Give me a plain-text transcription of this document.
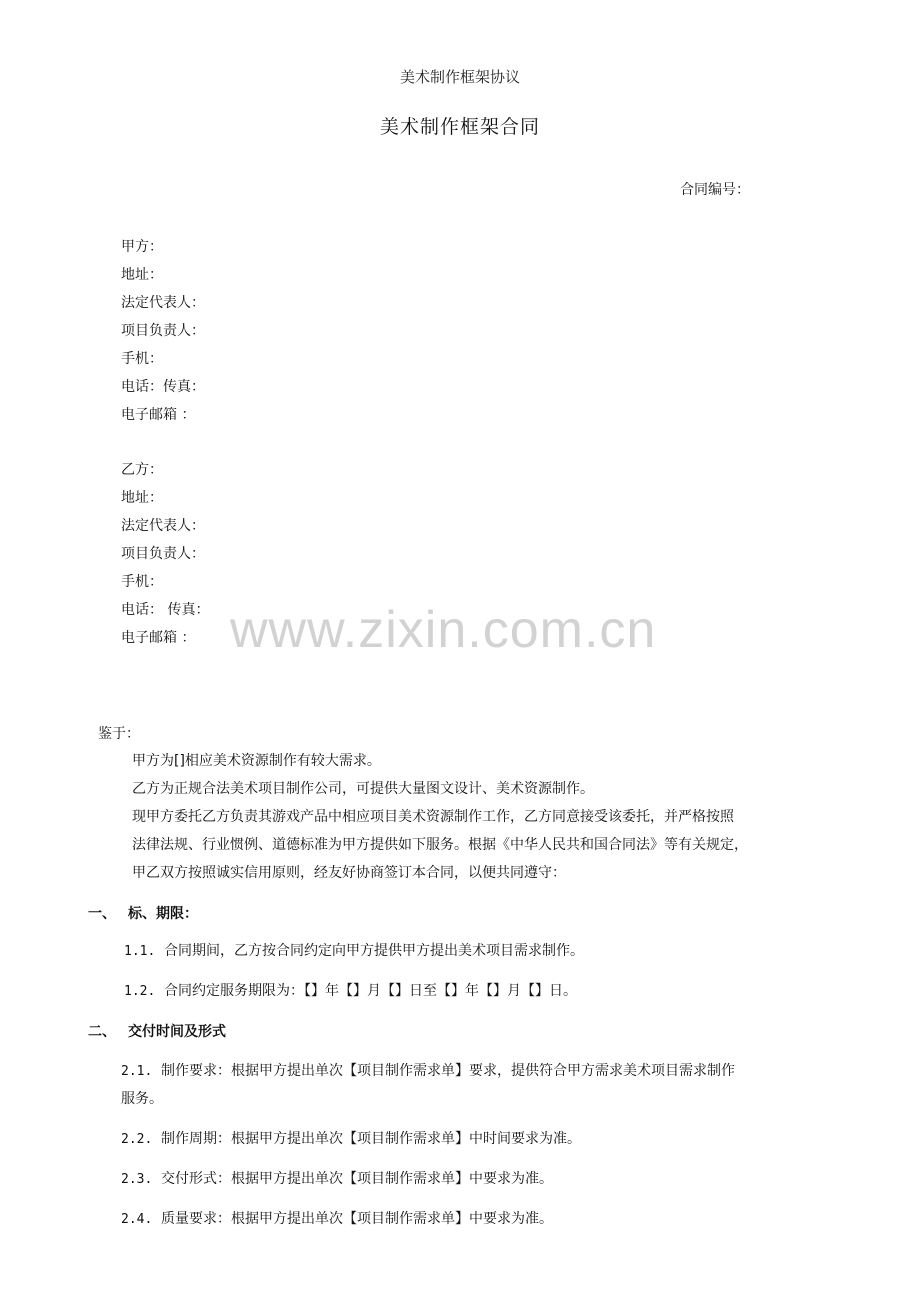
美术制作框架协议
美术制作框架合同
合同编号：
甲方：
地址：
法定代表人：
项目负责人：
手机：
电话：传真：
电子邮箱 ：
乙方：
地址：
法定代表人：
项目负责人：
手机：
电话： 传真：
电子邮箱 ： www.zixin.com.cn
鉴于：
甲方为[]相应美术资源制作有较大需求。
乙方为正规合法美术项目制作公司，可提供大量图文设计、美术资源制作。
现甲方委托乙方负责其游戏产品中相应项目美术资源制作工作，乙方同意接受该委托，并严格按照
法律法规、行业惯例、道德标准为甲方提供如下服务。根据《中华人民共和国合同法》等有关规定，
甲乙双方按照诚实信用原则，经友好协商签订本合同，以便共同遵守：
一、 标、期限：
1.1. 合同期间，乙方按合同约定向甲方提供甲方提出美术项目需求制作。
1.2. 合同约定服务期限为：【】年【】月【】日至【】年【】月【】日。
二、 交付时间及形式
2.1. 制作要求：根据甲方提出单次【项目制作需求单】要求，提供符合甲方需求美术项目需求制作
服务。
2.2. 制作周期：根据甲方提出单次【项目制作需求单】中时间要求为准。
2.3. 交付形式：根据甲方提出单次【项目制作需求单】中要求为准。
2.4. 质量要求：根据甲方提出单次【项目制作需求单】中要求为准。
